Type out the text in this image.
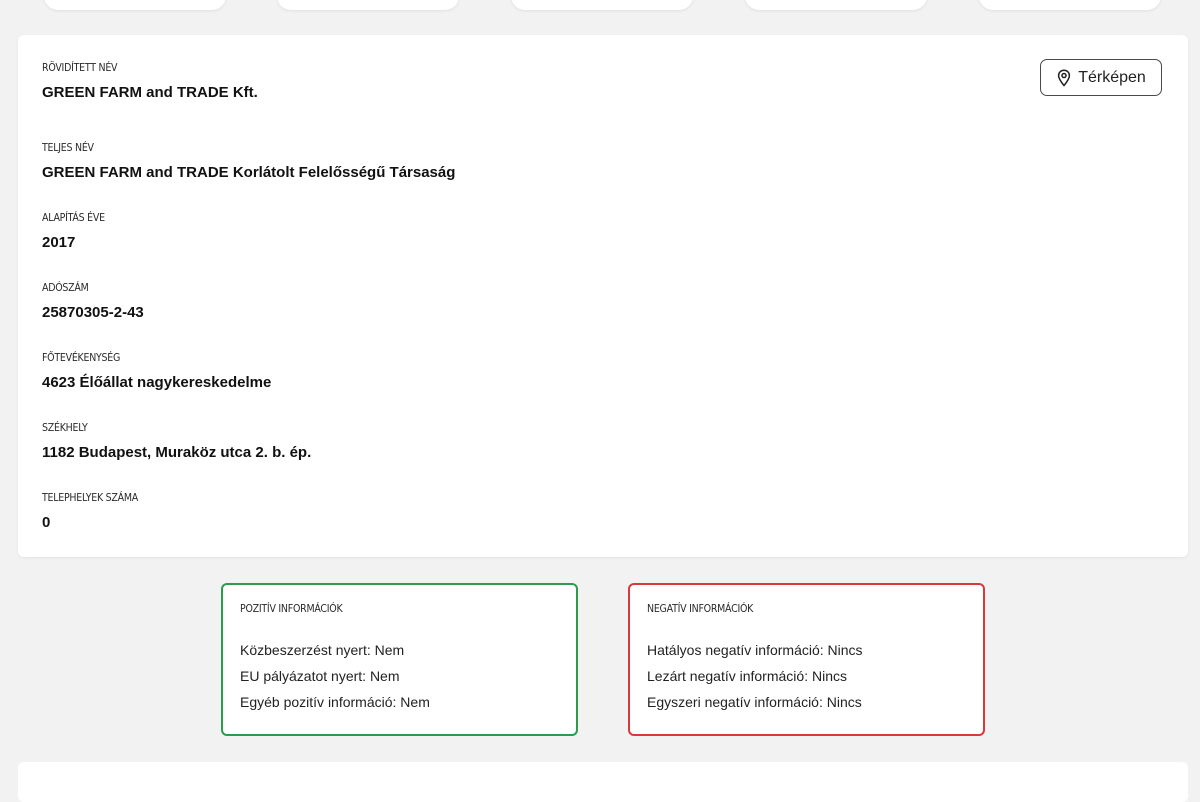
RÖVIDÍTETT NÉV
GREEN FARM and TRADE Kft.
TELJES NÉV
GREEN FARM and TRADE Korlátolt Felelősségű Társaság
ALAPÍTÁS ÉVE
2017
ADÓSZÁM
25870305-2-43
FŐTEVÉKENYSÉG
4623 Élőállat nagykereskedelme
SZÉKHELY
1182 Budapest, Muraköz utca 2. b. ép.
TELEPHELYEK SZÁMA
0
Térképen
POZITÍV INFORMÁCIÓK
Közbeszerzést nyert: Nem
EU pályázatot nyert: Nem
Egyéb pozitív információ: Nem
NEGATÍV INFORMÁCIÓK
Hatályos negatív információ: Nincs
Lezárt negatív információ: Nincs
Egyszeri negatív információ: Nincs
